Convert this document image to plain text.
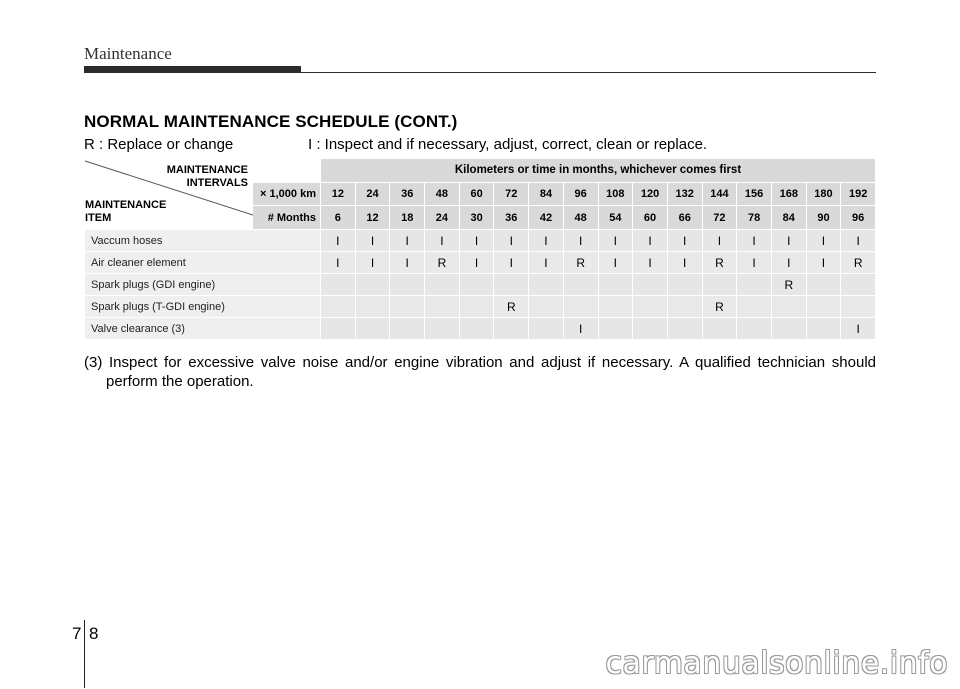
Maintenance
NORMAL MAINTENANCE SCHEDULE (CONT.)
R : Replace or change	I : Inspect and if necessary, adjust, correct, clean or replace.
MAINTENANCE
INTERVALS
MAINTENANCE
ITEM		Kilometers or time in months, whichever comes first															
	× 1,000 km	12	24	36	48	60	72	84	96	108	120	132	144	156	168	180	192
	# Months	6	12	18	24	30	36	42	48	54	60	66	72	78	84	90	96
Vaccum hoses		I	I	I	I	I	I	I	I	I	I	I	I	I	I	I	I
Air cleaner element		I	I	I	R	I	I	I	R	I	I	I	R	I	I	I	R
Spark plugs (GDI engine)															R		
Spark plugs (T-GDI engine)							R						R				
Valve clearance (3)									I								I
(3) Inspect for excessive valve noise and/or engine vibration and adjust if necessary. A qualified technician should perform the operation.
7 8
carmanualsonline.info
